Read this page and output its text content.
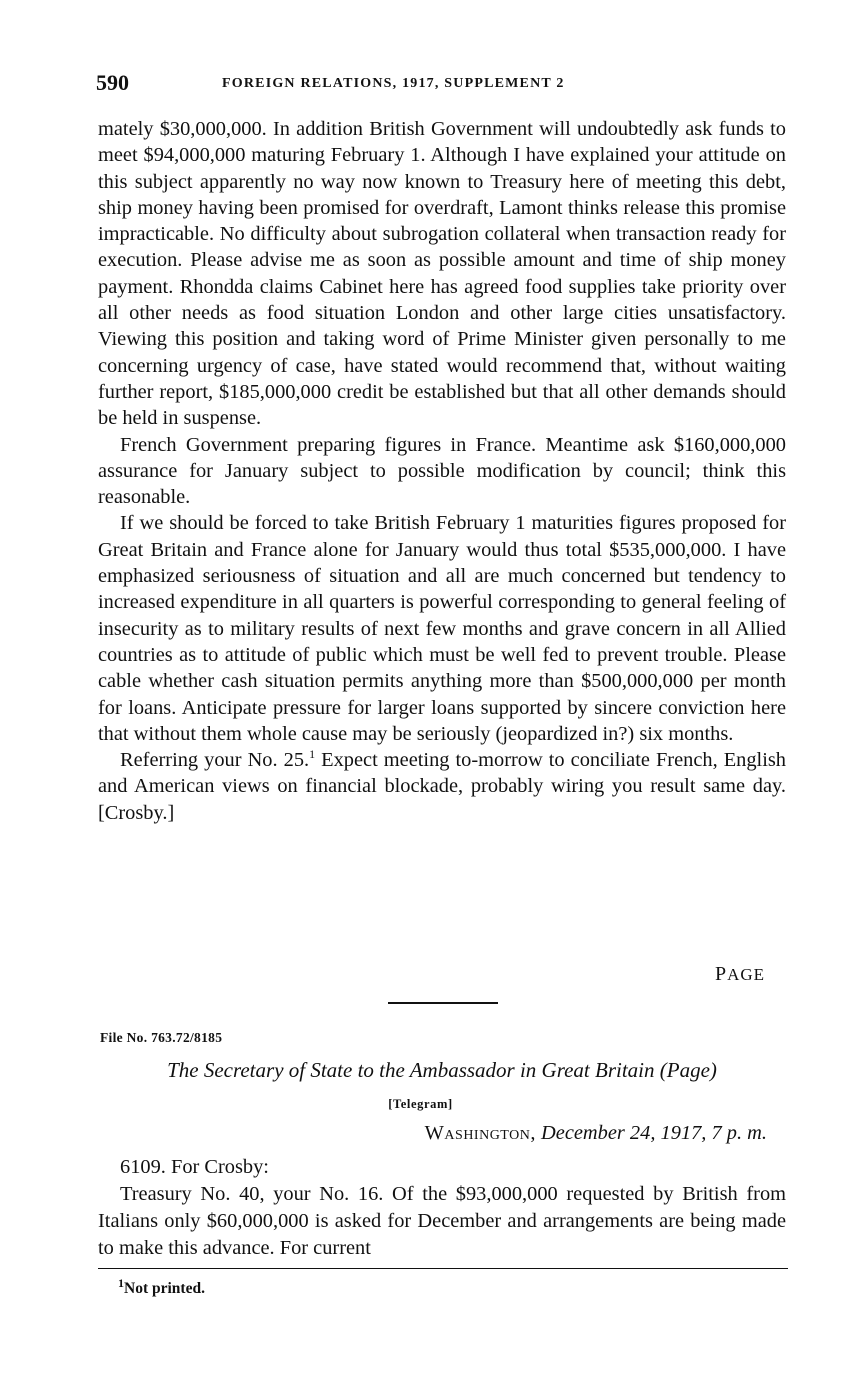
590	FOREIGN RELATIONS, 1917, SUPPLEMENT 2

mately $30,000,000. In addition British Government will undoubtedly ask funds to meet $94,000,000 maturing February 1. Although I have explained your attitude on this subject apparently no way now known to Treasury here of meeting this debt, ship money having been promised for overdraft, Lamont thinks release this promise impracticable. No difficulty about subrogation collateral when transaction ready for execution. Please advise me as soon as possible amount and time of ship money payment. Rhondda claims Cabinet here has agreed food supplies take priority over all other needs as food situation London and other large cities unsatisfactory. Viewing this position and taking word of Prime Minister given personally to me concerning urgency of case, have stated would recommend that, without waiting further report, $185,000,000 credit be established but that all other demands should be held in suspense.

French Government preparing figures in France. Meantime ask $160,000,000 assurance for January subject to possible modification by council; think this reasonable.

If we should be forced to take British February 1 maturities figures proposed for Great Britain and France alone for January would thus total $535,000,000. I have emphasized seriousness of situation and all are much concerned but tendency to increased expenditure in all quarters is powerful corresponding to general feeling of insecurity as to military results of next few months and grave concern in all Allied countries as to attitude of public which must be well fed to prevent trouble. Please cable whether cash situation permits anything more than $500,000,000 per month for loans. Anticipate pressure for larger loans supported by sincere conviction here that without them whole cause may be seriously (jeopardized in?) six months.

Referring your No. 25.$^1$ Expect meeting to-morrow to conciliate French, English and American views on financial blockade, probably wiring you result same day. [Crosby.]

PAGE
File No. 763.72/8185
The Secretary of State to the Ambassador in Great Britain (Page)
[Telegram]
Washington, December 24, 1917, 7 p. m.

6109. For Crosby:

Treasury No. 40, your No. 16. Of the $93,000,000 requested by British from Italians only $60,000,000 is asked for December and arrangements are being made to make this advance. For current

$^1$Not printed.
